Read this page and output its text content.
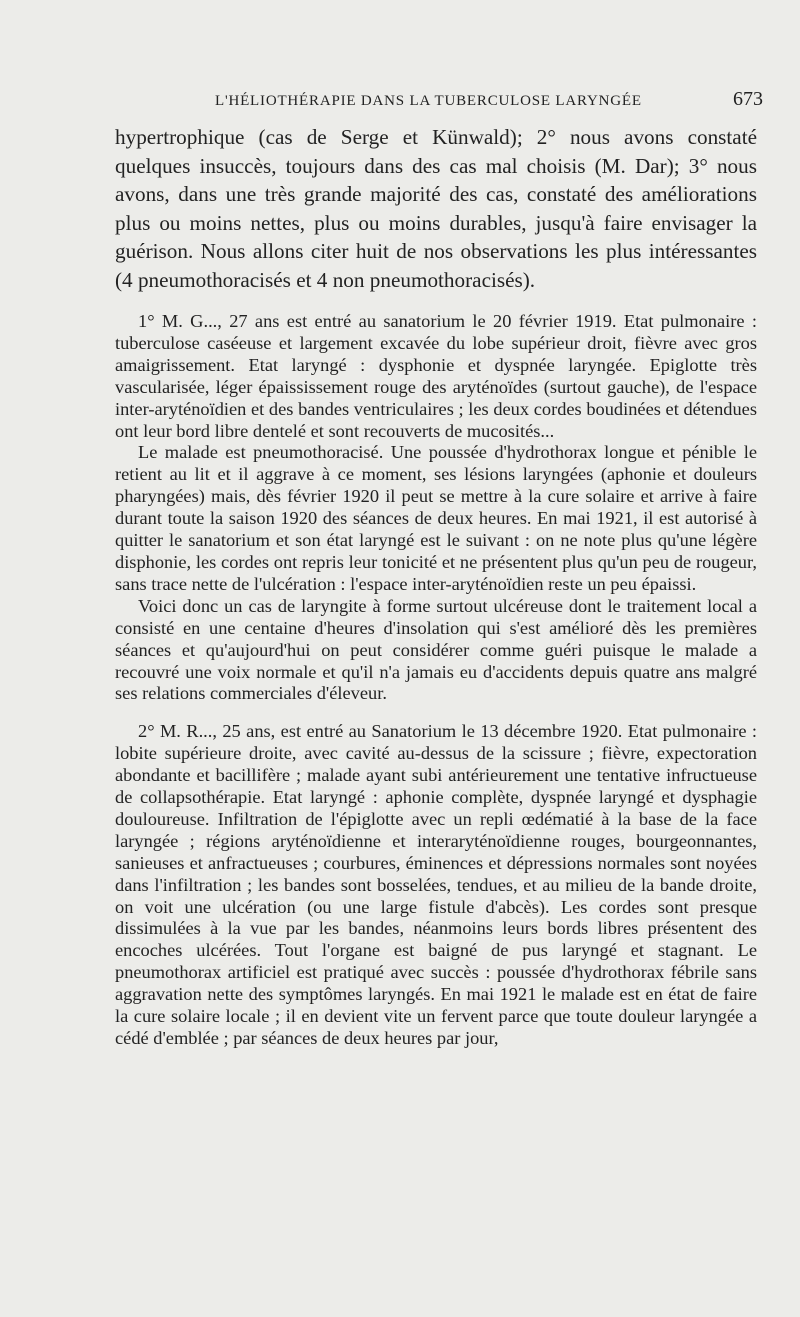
L'HÉLIOTHÉRAPIE DANS LA TUBERCULOSE LARYNGÉE	673

hypertrophique (cas de Serge et Künwald); 2° nous avons constaté quelques insuccès, toujours dans des cas mal choisis (M. Dar); 3° nous avons, dans une très grande majorité des cas, constaté des améliorations plus ou moins nettes, plus ou moins durables, jusqu'à faire envisager la guérison. Nous allons citer huit de nos observations les plus intéressantes (4 pneumothoracisés et 4 non pneumothoracisés).

1° M. G..., 27 ans est entré au sanatorium le 20 février 1919. Etat pulmonaire : tuberculose caséeuse et largement excavée du lobe supérieur droit, fièvre avec gros amaigrissement. Etat laryngé : dysphonie et dyspnée laryngée. Epiglotte très vascularisée, léger épaississement rouge des aryténoïdes (surtout gauche), de l'espace inter-aryténoïdien et des bandes ventriculaires ; les deux cordes boudinées et détendues ont leur bord libre dentelé et sont recouverts de mucosités...

Le malade est pneumothoracisé. Une poussée d'hydrothorax longue et pénible le retient au lit et il aggrave à ce moment, ses lésions laryngées (aphonie et douleurs pharyngées) mais, dès février 1920 il peut se mettre à la cure solaire et arrive à faire durant toute la saison 1920 des séances de deux heures. En mai 1921, il est autorisé à quitter le sanatorium et son état laryngé est le suivant : on ne note plus qu'une légère disphonie, les cordes ont repris leur tonicité et ne présentent plus qu'un peu de rougeur, sans trace nette de l'ulcération : l'espace inter-aryténoïdien reste un peu épaissi.

Voici donc un cas de laryngite à forme surtout ulcéreuse dont le traitement local a consisté en une centaine d'heures d'insolation qui s'est amélioré dès les premières séances et qu'aujourd'hui on peut considérer comme guéri puisque le malade a recouvré une voix normale et qu'il n'a jamais eu d'accidents depuis quatre ans malgré ses relations commerciales d'éleveur.

2° M. R..., 25 ans, est entré au Sanatorium le 13 décembre 1920. Etat pulmonaire : lobite supérieure droite, avec cavité au-dessus de la scissure ; fièvre, expectoration abondante et bacillifère ; malade ayant subi antérieurement une tentative infructueuse de collapsothérapie. Etat laryngé : aphonie complète, dyspnée laryngé et dysphagie douloureuse. Infiltration de l'épiglotte avec un repli œdématié à la base de la face laryngée ; régions aryténoïdienne et interaryténoïdienne rouges, bourgeonnantes, sanieuses et anfractueuses ; courbures, éminences et dépressions normales sont noyées dans l'infiltration ; les bandes sont bosselées, tendues, et au milieu de la bande droite, on voit une ulcération (ou une large fistule d'abcès). Les cordes sont presque dissimulées à la vue par les bandes, néanmoins leurs bords libres présentent des encoches ulcérées. Tout l'organe est baigné de pus laryngé et stagnant. Le pneumothorax artificiel est pratiqué avec succès : poussée d'hydrothorax fébrile sans aggravation nette des symptômes laryngés. En mai 1921 le malade est en état de faire la cure solaire locale ; il en devient vite un fervent parce que toute douleur laryngée a cédé d'emblée ; par séances de deux heures par jour,
